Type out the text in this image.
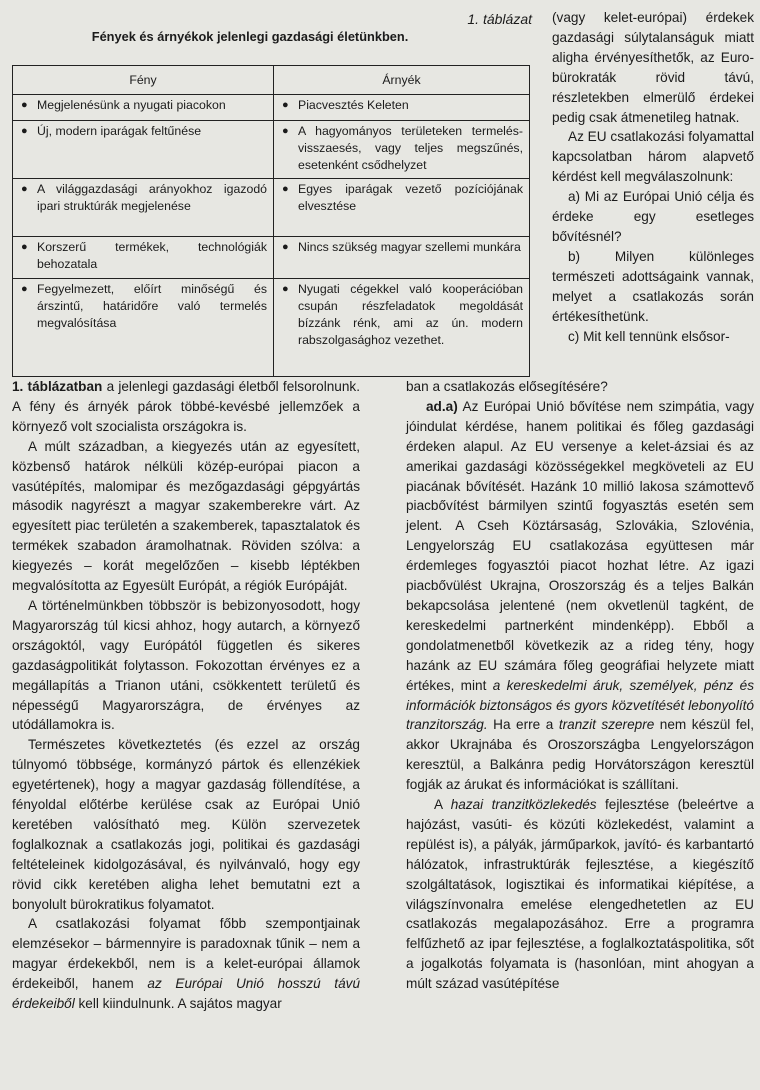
1. táblázat
Fények és árnyékok jelenlegi gazdasági életünkben.
Fény	Árnyék

● Megjelenésünk a nyugati piacokon	● Piacvesztés Keleten

● Új, modern iparágak feltűnése	● A hagyományos területeken termelés-visszaesés, vagy teljes megszűnés, esetenként csődhelyzet

● A világgazdasági arányokhoz igazodó ipari struktúrák megjelenése	● Egyes iparágak vezető pozíciójának elvesztése

● Korszerű termékek, technológiák behozatala	● Nincs szükség magyar szellemi munkára

● Fegyelmezett, előírt minőségű és árszintű, határidőre való termelés megvalósítása	● Nyugati cégekkel való kooperációban csupán részfeladatok megoldását bízzánk rénk, ami az ún. modern rabszolgasághoz vezethet.

(vagy kelet-európai) érdekek gazdasági súlytalanságuk miatt aligha érvényesíthetők, az Euro-bürokraták rövid távú, részletekben elmerülő érdekei pedig csak átmenetileg hatnak.

Az EU csatlakozási folyamattal kapcsolatban három alapvető kérdést kell megválaszolnunk:

a) Mi az Európai Unió célja és érdeke egy esetleges bővítésnél?

b) Milyen különleges természeti adottságaink vannak, melyet a csatlakozás során értékesíthetünk.

c) Mit kell tennünk elsősor-

1. táblázatban a jelenlegi gazdasági életből felsorolnunk. A fény és árnyék párok többé-kevésbé jellemzőek a környező volt szocialista országokra is.

A múlt században, a kiegyezés után az egyesített, közbenső határok nélküli közép-európai piacon a vasútépítés, malomipar és mezőgazdasági gépgyártás második nagyrészt a magyar szakemberekre várt. Az egyesített piac területén a szakemberek, tapasztalatok és termékek szabadon áramolhatnak. Röviden szólva: a kiegyezés – korát megelőzően – kisebb léptékben megvalósította az Egyesült Európát, a régiók Európáját.

A történelmünkben többször is bebizonyosodott, hogy Magyarország túl kicsi ahhoz, hogy autarch, a környező országoktól, vagy Európától független és sikeres gazdaságpolitikát folytasson. Fokozottan érvényes ez a megállapítás a Trianon utáni, csökkentett területű és népességű Magyarországra, de érvényes az utódállamokra is.

Természetes következtetés (és ezzel az ország túlnyomó többsége, kormányzó pártok és ellenzékiek egyetértenek), hogy a magyar gazdaság föllendítése, a fényoldal előtérbe kerülése csak az Európai Unió keretében valósítható meg. Külön szervezetek foglalkoznak a csatlakozás jogi, politikai és gazdasági feltételeinek kidolgozásával, és nyilvánvaló, hogy egy rövid cikk keretében aligha lehet bemutatni ezt a bonyolult bürokratikus folyamatot.

A csatlakozási folyamat főbb szempontjainak elemzésekor – bármennyire is paradoxnak tűnik – nem a magyar érdekekből, nem is a kelet-európai államok érdekeiből, hanem az Európai Unió hosszú távú érdekeiből kell kiindulnunk. A sajátos magyar

ban a csatlakozás elősegítésére?

ad.a) Az Európai Unió bővítése nem szimpátia, vagy jóindulat kérdése, hanem politikai és főleg gazdasági érdeken alapul. Az EU versenye a kelet-ázsiai és az amerikai gazdasági közösségekkel megköveteli az EU piacának bővítését. Hazánk 10 millió lakosa számottevő piacbővítést bármilyen szintű fogyasztás esetén sem jelent. A Cseh Köztársaság, Szlovákia, Szlovénia, Lengyelország EU csatlakozása együttesen már érdemleges fogyasztói piacot hozhat létre. Az igazi piacbővülést Ukrajna, Oroszország és a teljes Balkán bekapcsolása jelentené (nem okvetlenül tagként, de kereskedelmi partnerként mindenképp). Ebből a gondolatmenetből következik az a rideg tény, hogy hazánk az EU számára főleg geográfiai helyzete miatt értékes, mint a kereskedelmi áruk, személyek, pénz és információk biztonságos és gyors közvetítését lebonyolító tranzitország. Ha erre a tranzit szerepre nem készül fel, akkor Ukrajnába és Oroszországba Lengyelországon keresztül, a Balkánra pedig Horvátországon keresztül fogják az árukat és információkat is szállítani.

A hazai tranzitközlekedés fejlesztése (beleértve a hajózást, vasúti- és közúti közlekedést, valamint a repülést is), a pályák, járműparkok, javító- és karbantartó hálózatok, infrastruktúrák fejlesztése, a kiegészítő szolgáltatások, logisztikai és informatikai kiépítése, a világszínvonalra emelése elengedhetetlen az EU csatlakozás megalapozásához. Erre a programra felfűzhető az ipar fejlesztése, a foglalkoztatáspolitika, sőt a jogalkotás folyamata is (hasonlóan, mint ahogyan a múlt század vasútépítése
